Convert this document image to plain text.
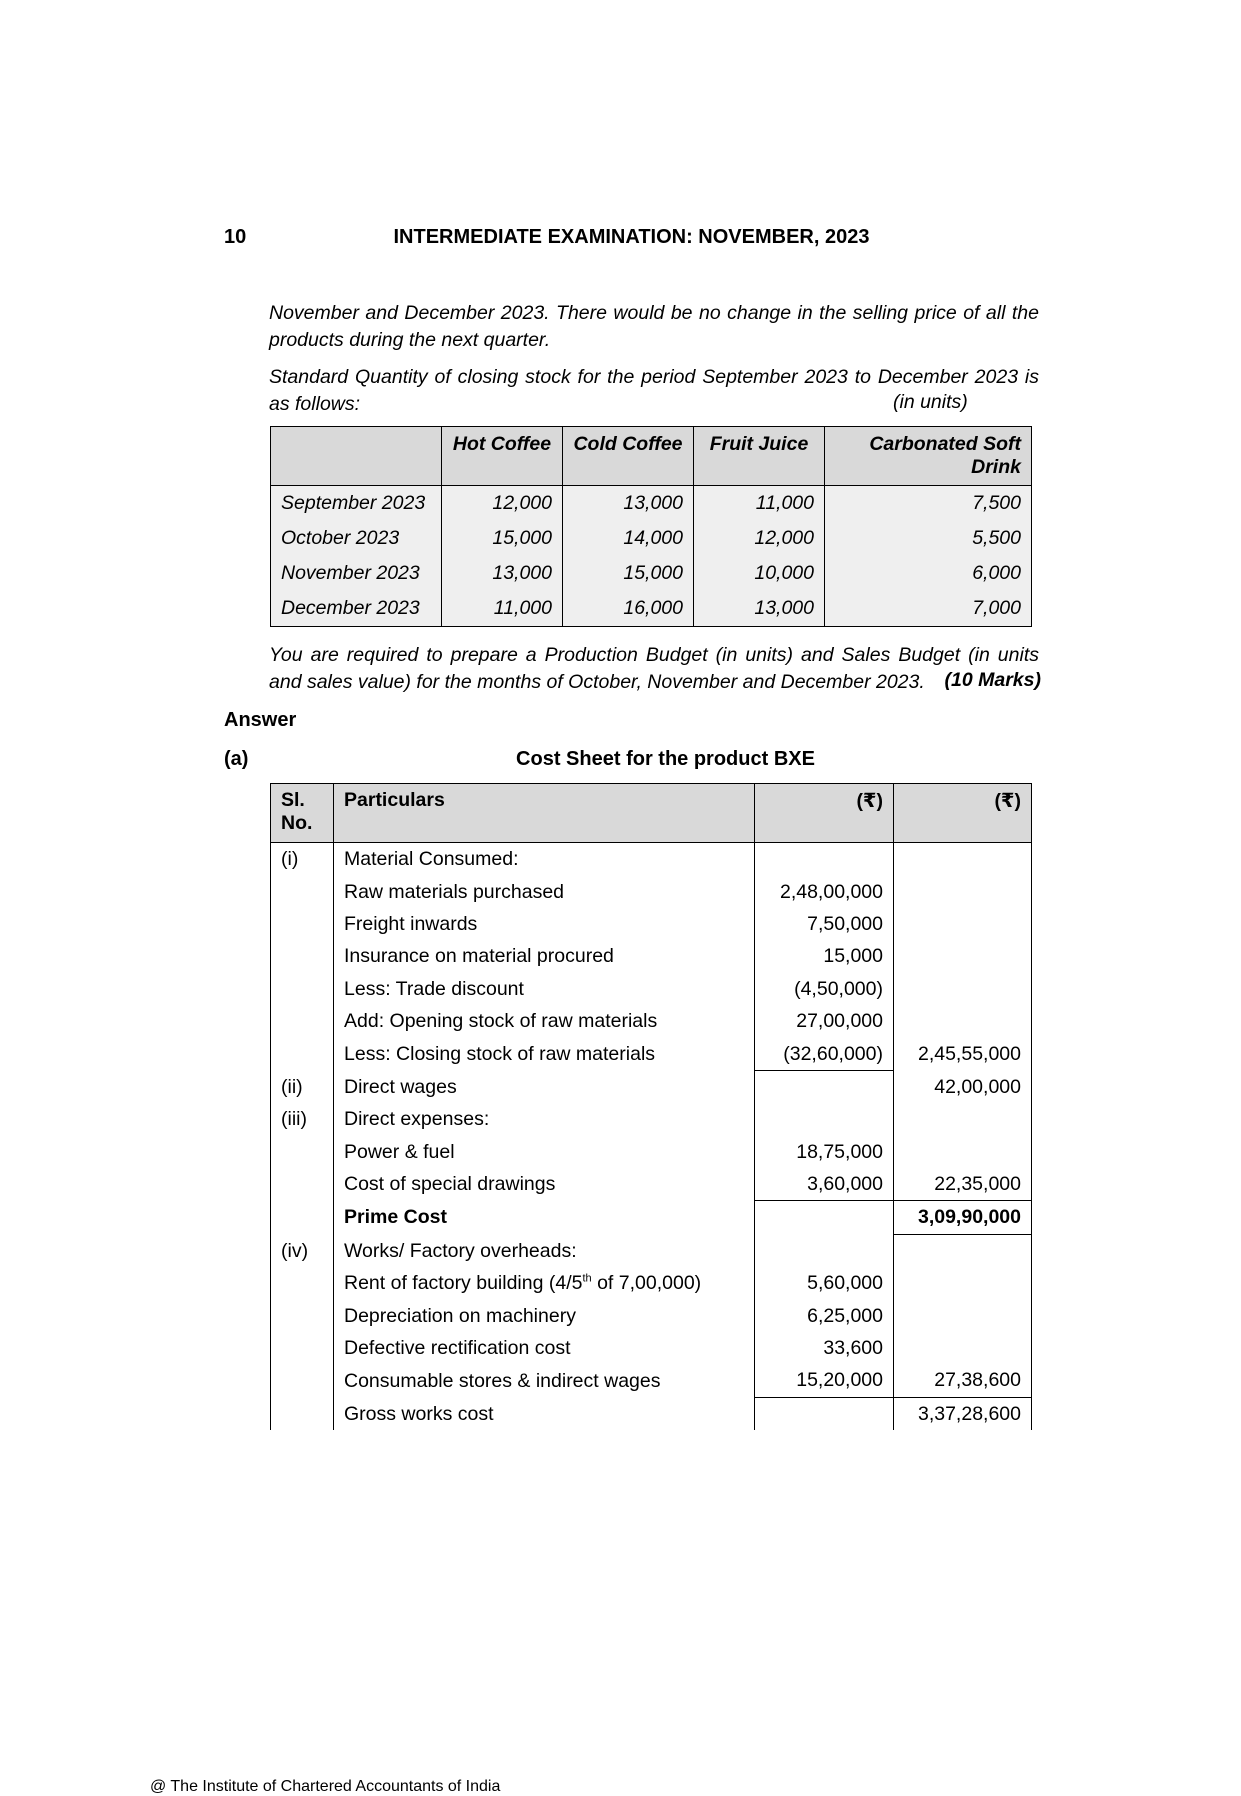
10	INTERMEDIATE EXAMINATION: NOVEMBER, 2023
November and December 2023. There would be no change in the selling price of all the products during the next quarter.
Standard Quantity of closing stock for the period September 2023 to December 2023 is as follows:	(in units)
	Hot Coffee	Cold Coffee	Fruit Juice	Carbonated Soft Drink
September 2023	12,000	13,000	11,000	7,500
October 2023	15,000	14,000	12,000	5,500
November 2023	13,000	15,000	10,000	6,000
December 2023	11,000	16,000	13,000	7,000
You are required to prepare a Production Budget (in units) and Sales Budget (in units and sales value) for the months of October, November and December 2023.	(10 Marks)
Answer
(a)	Cost Sheet for the product BXE
Sl. No.	Particulars	(₹)	(₹)
(i)	Material Consumed:		
	Raw materials purchased	2,48,00,000	
	Freight inwards	7,50,000	
	Insurance on material procured	15,000	
	Less: Trade discount	(4,50,000)	
	Add: Opening stock of raw materials	27,00,000	
	Less: Closing stock of raw materials	(32,60,000)	2,45,55,000
(ii)	Direct wages		42,00,000
(iii)	Direct expenses:		
	Power & fuel	18,75,000	
	Cost of special drawings	3,60,000	22,35,000
	Prime Cost		3,09,90,000
(iv)	Works/ Factory overheads:		
	Rent of factory building (4/5th of 7,00,000)	5,60,000	
	Depreciation on machinery	6,25,000	
	Defective rectification cost	33,600	
	Consumable stores & indirect wages	15,20,000	27,38,600
	Gross works cost		3,37,28,600
@ The Institute of Chartered Accountants of India
